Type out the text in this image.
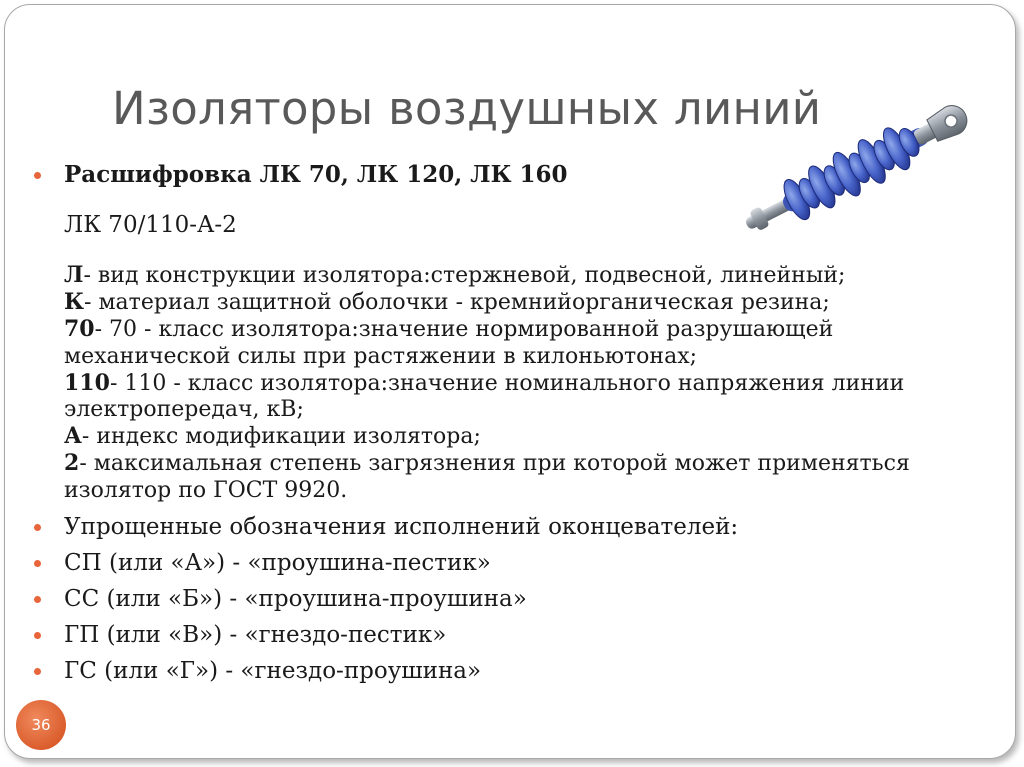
Изоляторы воздушных линий
Расшифровка ЛК 70, ЛК 120, ЛК 160
ЛК 70/110-А-2
Л- вид конструкции изолятора:стержневой, подвесной, линейный;
К- материал защитной оболочки - кремнийорганическая резина;
70- 70 - класс изолятора:значение нормированной разрушающей механической силы при растяжении в килоньютонах;
110- 110 - класс изолятора:значение номинального напряжения линии электропередач, кВ;
А- индекс модификации изолятора;
2- максимальная степень загрязнения при которой может применяться изолятор по ГОСТ 9920.
Упрощенные обозначения исполнений оконцевателей:
СП (или «А») - «проушина-пестик»
СС (или «Б») - «проушина-проушина»
ГП (или «В») - «гнездо-пестик»
ГС (или «Г») - «гнездо-проушина»
36
